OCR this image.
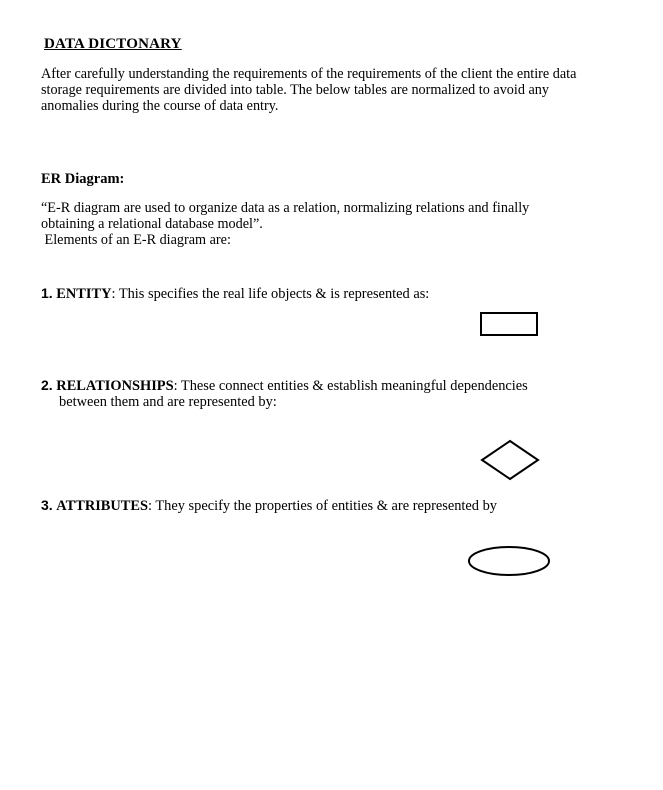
DATA DICTONARY
After carefully understanding the requirements of the requirements of the client the entire data storage requirements are divided into table. The below tables are normalized to avoid any anomalies during the course of data entry.
ER Diagram:
“E-R diagram are used to organize data as a relation, normalizing relations and finally
obtaining a relational database model”.
Elements of an E-R diagram are:
1. ENTITY: This specifies the real life objects & is represented as:
2. RELATIONSHIPS: These connect entities & establish meaningful dependencies
between them and are represented by:
3. ATTRIBUTES: They specify the properties of entities & are represented by
